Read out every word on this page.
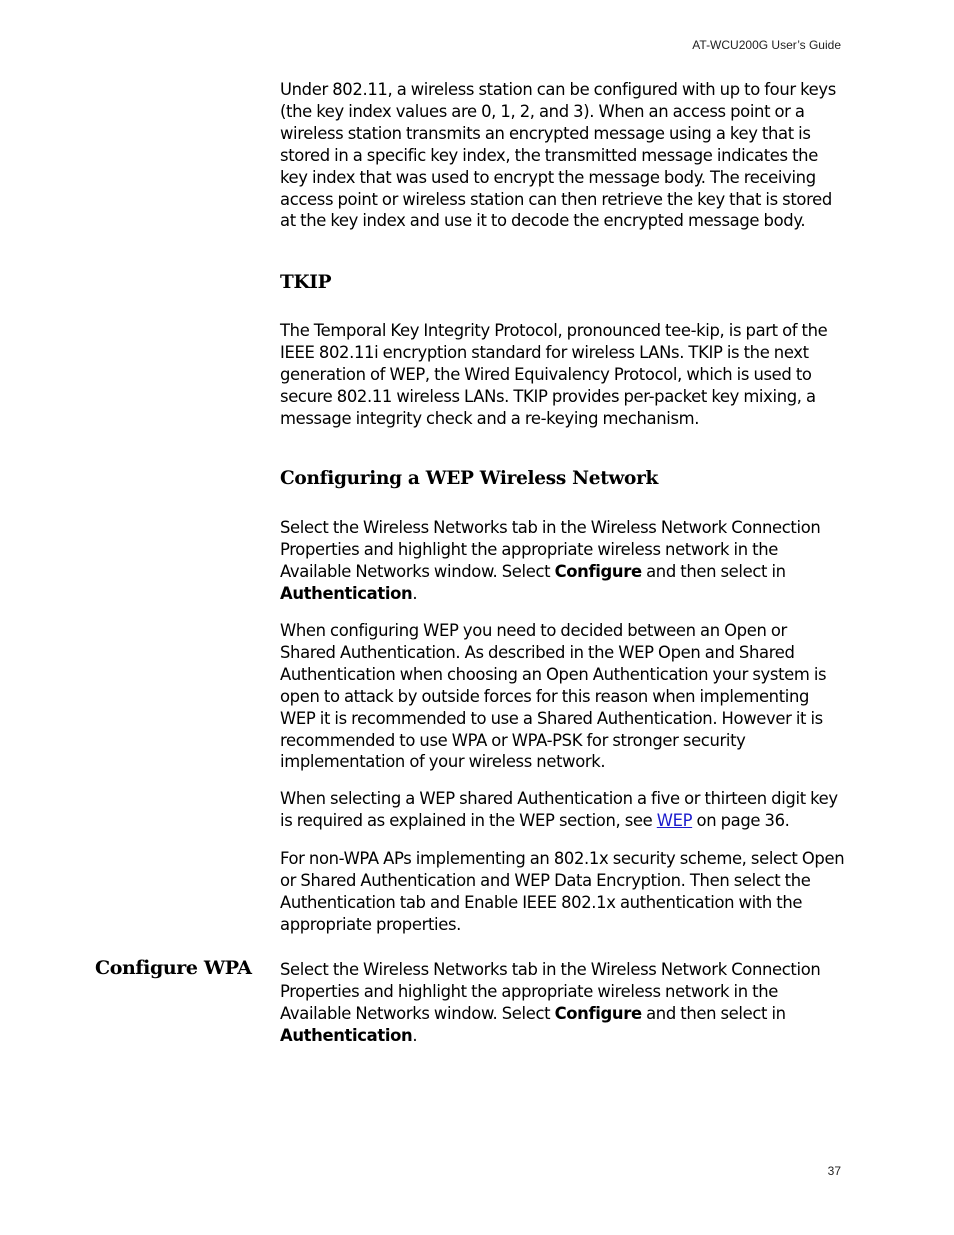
AT-WCU200G User’s Guide

Under 802.11, a wireless station can be configured with up to four keys (the key index values are 0, 1, 2, and 3). When an access point or a wireless station transmits an encrypted message using a key that is stored in a specific key index, the transmitted message indicates the key index that was used to encrypt the message body. The receiving access point or wireless station can then retrieve the key that is stored at the key index and use it to decode the encrypted message body.

TKIP

The Temporal Key Integrity Protocol, pronounced tee-kip, is part of the IEEE 802.11i encryption standard for wireless LANs. TKIP is the next generation of WEP, the Wired Equivalency Protocol, which is used to secure 802.11 wireless LANs. TKIP provides per-packet key mixing, a message integrity check and a re-keying mechanism.

Configuring a WEP Wireless Network

Select the Wireless Networks tab in the Wireless Network Connection Properties and highlight the appropriate wireless network in the Available Networks window. Select Configure and then select in Authentication.

When configuring WEP you need to decided between an Open or Shared Authentication. As described in the WEP Open and Shared Authentication when choosing an Open Authentication your system is open to attack by outside forces for this reason when implementing WEP it is recommended to use a Shared Authentication. However it is recommended to use WPA or WPA-PSK for stronger security implementation of your wireless network.

When selecting a WEP shared Authentication a five or thirteen digit key is required as explained in the WEP section, see WEP on page 36.

For non-WPA APs implementing an 802.1x security scheme, select Open or Shared Authentication and WEP Data Encryption. Then select the Authentication tab and Enable IEEE 802.1x authentication with the appropriate properties.

Configure WPA Select the Wireless Networks tab in the Wireless Network Connection Properties and highlight the appropriate wireless network in the Available Networks window. Select Configure and then select in Authentication.

37
